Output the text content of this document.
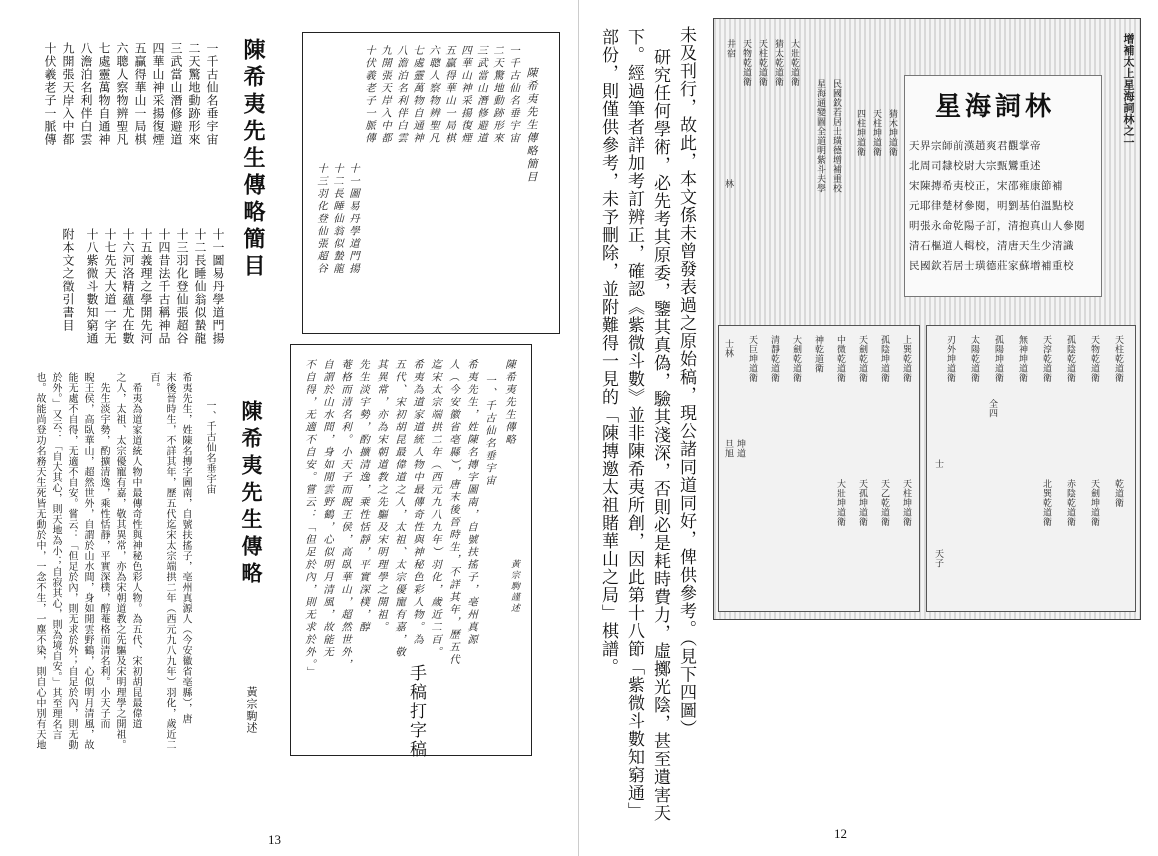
陳希夷先生傳略簡目
一千古仙名垂宇宙
二天驚地動跡形來
三武當山潛修避道
四華山神采揚復煙
五贏得華山一局棋
六聰人察物辨聖凡
七處靈萬物自通神
八澹泊名利伴白雲
九開張天岸入中都
十伏羲老子一脈傳
十一圖易丹學道門揚
十二長睡仙翁似蟄龍
十三羽化登仙張超谷
十四昔法千古稱神品
十五義理之學開先河
十六河洛精蘊尤在數
十七先天大道一字无
十八紫微斗數知窮通
附本文之徵引書目
陳希夷先生傳略
黃宗駒述
一、千古仙名垂宇宙
希夷先生，姓陳名摶字圖南，自號扶搖子，亳州真源人（今安徽省亳縣），唐
末後晉時生，不詳其年，歷五代迄宋太宗端拱二年（西元九八九年）羽化，歲近二
百。
　希夷為道家道統人物中最傳奇性與神秘色彩人物。為五代、宋初胡昆最偉道
之人，太祖、太宗優寵有嘉，敬其異常，亦為宋朝道教之先驅及宋明理學之開祖。
　先生淡宇勢，酌擴清逸，乘性恬靜，平實深樸，醇菴格而清名利。小天子而
睨王侯，高臥華山，超然世外，自謂於山水間，身如閒雲野鶴，心似明月清風，故
能无處不自得，无適不自安。嘗云：「但足於內，則无求於外；自足於內，則无動
於外。」又云：「自大其心，則天地為小；自寂其心，則為境自安。」其至理名言
也。故能尚登功名務天生死皆无動於中，一念不生，一塵不染，則自心中別有天地
陳希夷先生傳略簡目
一千古仙名垂宇宙
二天驚地動跡形來
三武當山潛修避道
四華山神采揚復煙
五贏得華山一局棋
六聰人察物辨聖凡
七處靈萬物自通神
八澹泊名利伴白雲
九開張天岸入中都
十伏羲老子一脈傳
十一圖易丹學道門揚
十二長睡仙翁似蟄龍
十三羽化登仙張超谷
陳希夷先生傳略
黃宗駒謹述
一、千古仙名垂宇宙
希夷先生，姓陳名摶字圖南，自號扶搖子，亳州真源
人（今安徽省亳縣），唐末後晉時生，不詳其年，歷五代
迄宋太宗端拱二年（西元九八九年）羽化，歲近二百。
希夷為道家道統人物中最傳奇性與神秘色彩人物。為
五代、宋初胡昆最偉道之人，太祖、太宗優寵有嘉，敬
其異常，亦為宋朝道教之先驅及宋明理學之開祖。
先生淡宇勢，酌擴清逸，乘性恬靜，平實深樸，醇
菴格而清名利。小天子而睨王侯，高臥華山，超然世外，
自謂於山水間，身如閒雲野鶴，心似明月清風，故能无
不自得，无適不自安。嘗云：「但足於內，則无求於外。」
手稿打字稿
13
未及刊行，故此，本文係未曾發表過之原始稿，現公諸同道同好，俾供參考。（見下四圖）
研究任何學術，必先考其原委，鑒其真偽，驗其淺深，否則必是耗時費力，虛擲光陰，甚至遺害天
下。經過筆者詳加考訂辨正，確認《紫微斗數》並非陳希夷所創，因此第十八節「紫微斗數知窮通」
部份，則僅供參考，未予刪除，並附難得一見的「陳摶邀太祖賭華山之局」棋譜。	增補太上星海詞林之一
星海詞林
天界宗師前漢趙爽君觀掌帝
北周司隸校尉大宗甄鸞重述
宋陳摶希夷校正，宋邵雍康節補
元耶律楚材參閱，明劉基伯溫點校
明張永命乾陽子訂，清抱真山人參閱
清石樞道人輯校，清唐天生少清識
民國欽若居士璜德莊家蘇增補重校
井宿 天物乾道衛 天柱乾道衛 猜太乾道衛 大壯乾道衛
星海通變圖全道明紫斗夫學 民國欽若居士璜德增補重校 四柱坤道衛 天柱坤道衛 猜木坤道衛
天柱乾道衛
天物乾道衛
孤陰乾道衛
天淳乾道衛
無神坤道衛
孤陽坤道衛
太陽乾道衛
刃外坤道衛
上巽乾道衛
孤陰坤道衛
天劍乾道衛
中微乾道衛
神乾道衛
大劍乾道衛
清靜乾道衛
天巨坤道衛
乾道衛
天劍坤道衛
赤陰乾道衛
北巽乾道衛
天柱坤道衛
天乙乾道衛
天孤坤道衛
大壯坤道衛
士林
旦旭 坤道
全四
天子
士
林
12
